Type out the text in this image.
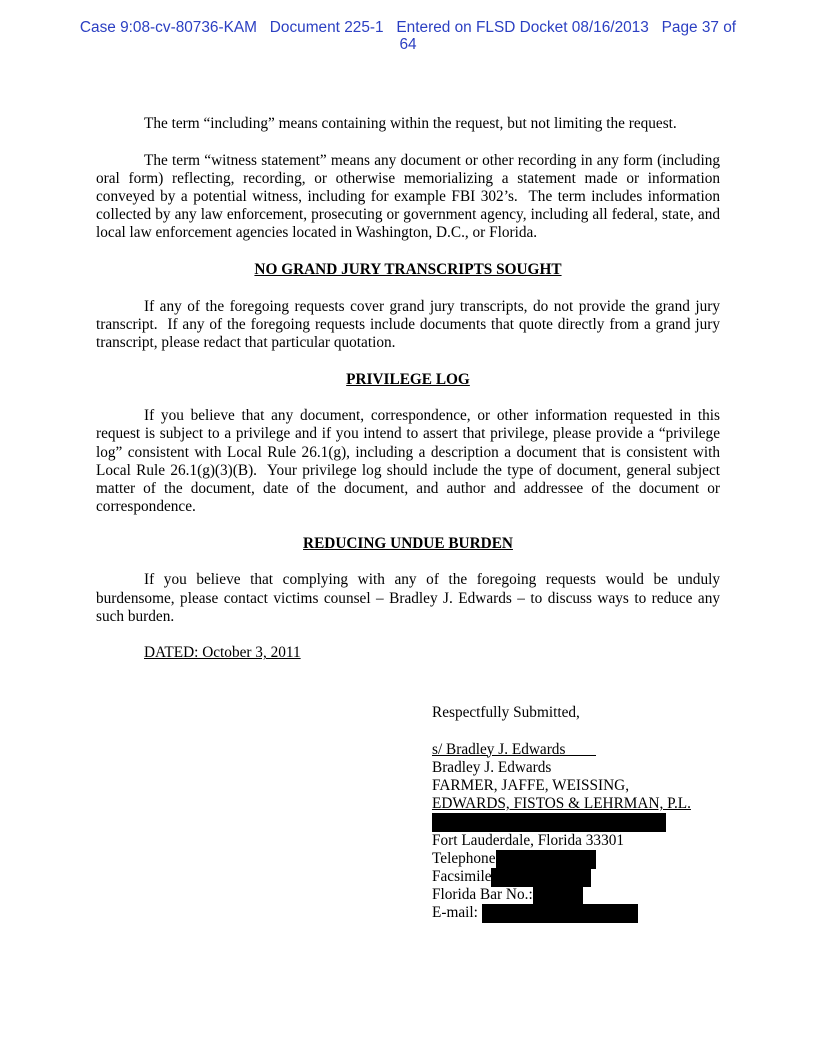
Case 9:08-cv-80736-KAM   Document 225-1   Entered on FLSD Docket 08/16/2013   Page 37 of
64

The term “including” means containing within the request, but not limiting the request.

The term “witness statement” means any document or other recording in any form (including oral form) reflecting, recording, or otherwise memorializing a statement made or information conveyed by a potential witness, including for example FBI 302’s.  The term includes information collected by any law enforcement, prosecuting or government agency, including all federal, state, and local law enforcement agencies located in Washington, D.C., or Florida.

NO GRAND JURY TRANSCRIPTS SOUGHT

If any of the foregoing requests cover grand jury transcripts, do not provide the grand jury transcript.  If any of the foregoing requests include documents that quote directly from a grand jury transcript, please redact that particular quotation.

PRIVILEGE LOG

If you believe that any document, correspondence, or other information requested in this request is subject to a privilege and if you intend to assert that privilege, please provide a “privilege log” consistent with Local Rule 26.1(g), including a description a document that is consistent with Local Rule 26.1(g)(3)(B).  Your privilege log should include the type of document, general subject matter of the document, date of the document, and author and addressee of the document or correspondence.

REDUCING UNDUE BURDEN

If you believe that complying with any of the foregoing requests would be unduly burdensome, please contact victims counsel – Bradley J. Edwards – to discuss ways to reduce any such burden.

DATED: October 3, 2011
Respectfully Submitted,
s/ Bradley J. Edwards
Bradley J. Edwards
FARMER, JAFFE, WEISSING,
EDWARDS, FISTOS & LEHRMAN, P.L.
Fort Lauderdale, Florida 33301
Telephone
Facsimile
Florida Bar No.:
E-mail:
